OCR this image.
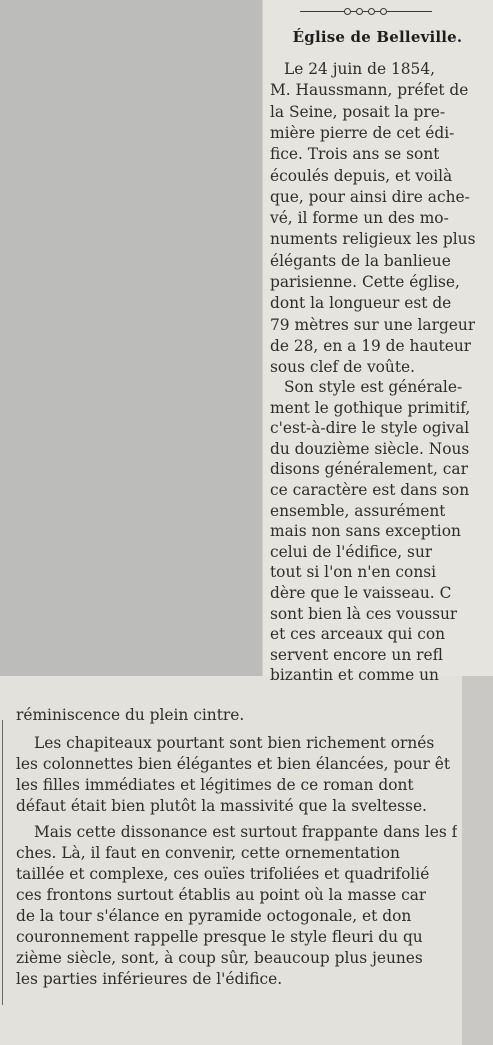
Église de Belleville.
Le 24 juin de 1854,
M. Haussmann, préfet de
la Seine, posait la pre-
mière pierre de cet édi-
fice. Trois ans se sont
écoulés depuis, et voilà
que, pour ainsi dire ache-
vé, il forme un des mo-
numents religieux les plus
élégants de la banlieue
parisienne. Cette église,
dont la longueur est de
79 mètres sur une largeur
de 28, en a 19 de hauteur
sous clef de voûte.
Son style est générale-
ment le gothique primitif,
c'est-à-dire le style ogival
du douzième siècle. Nous
disons généralement, car
ce caractère est dans son
ensemble, assurément
mais non sans exception
celui de l'édifice, sur
tout si l'on n'en consi
dère que le vaisseau. C
sont bien là ces voussur
et ces arceaux qui con
servent encore un refl
bizantin et comme un
réminiscence du plein cintre.
Les chapiteaux pourtant sont bien richement ornés
les colonnettes bien élégantes et bien élancées, pour êt
les filles immédiates et légitimes de ce roman dont
défaut était bien plutôt la massivité que la sveltesse.
Mais cette dissonance est surtout frappante dans les f
ches. Là, il faut en convenir, cette ornementation
taillée et complexe, ces ouïes trifoliées et quadrifolié
ces frontons surtout établis au point où la masse car
de la tour s'élance en pyramide octogonale, et don
couronnement rappelle presque le style fleuri du qu
zième siècle, sont, à coup sûr, beaucoup plus jeunes
les parties inférieures de l'édifice.
